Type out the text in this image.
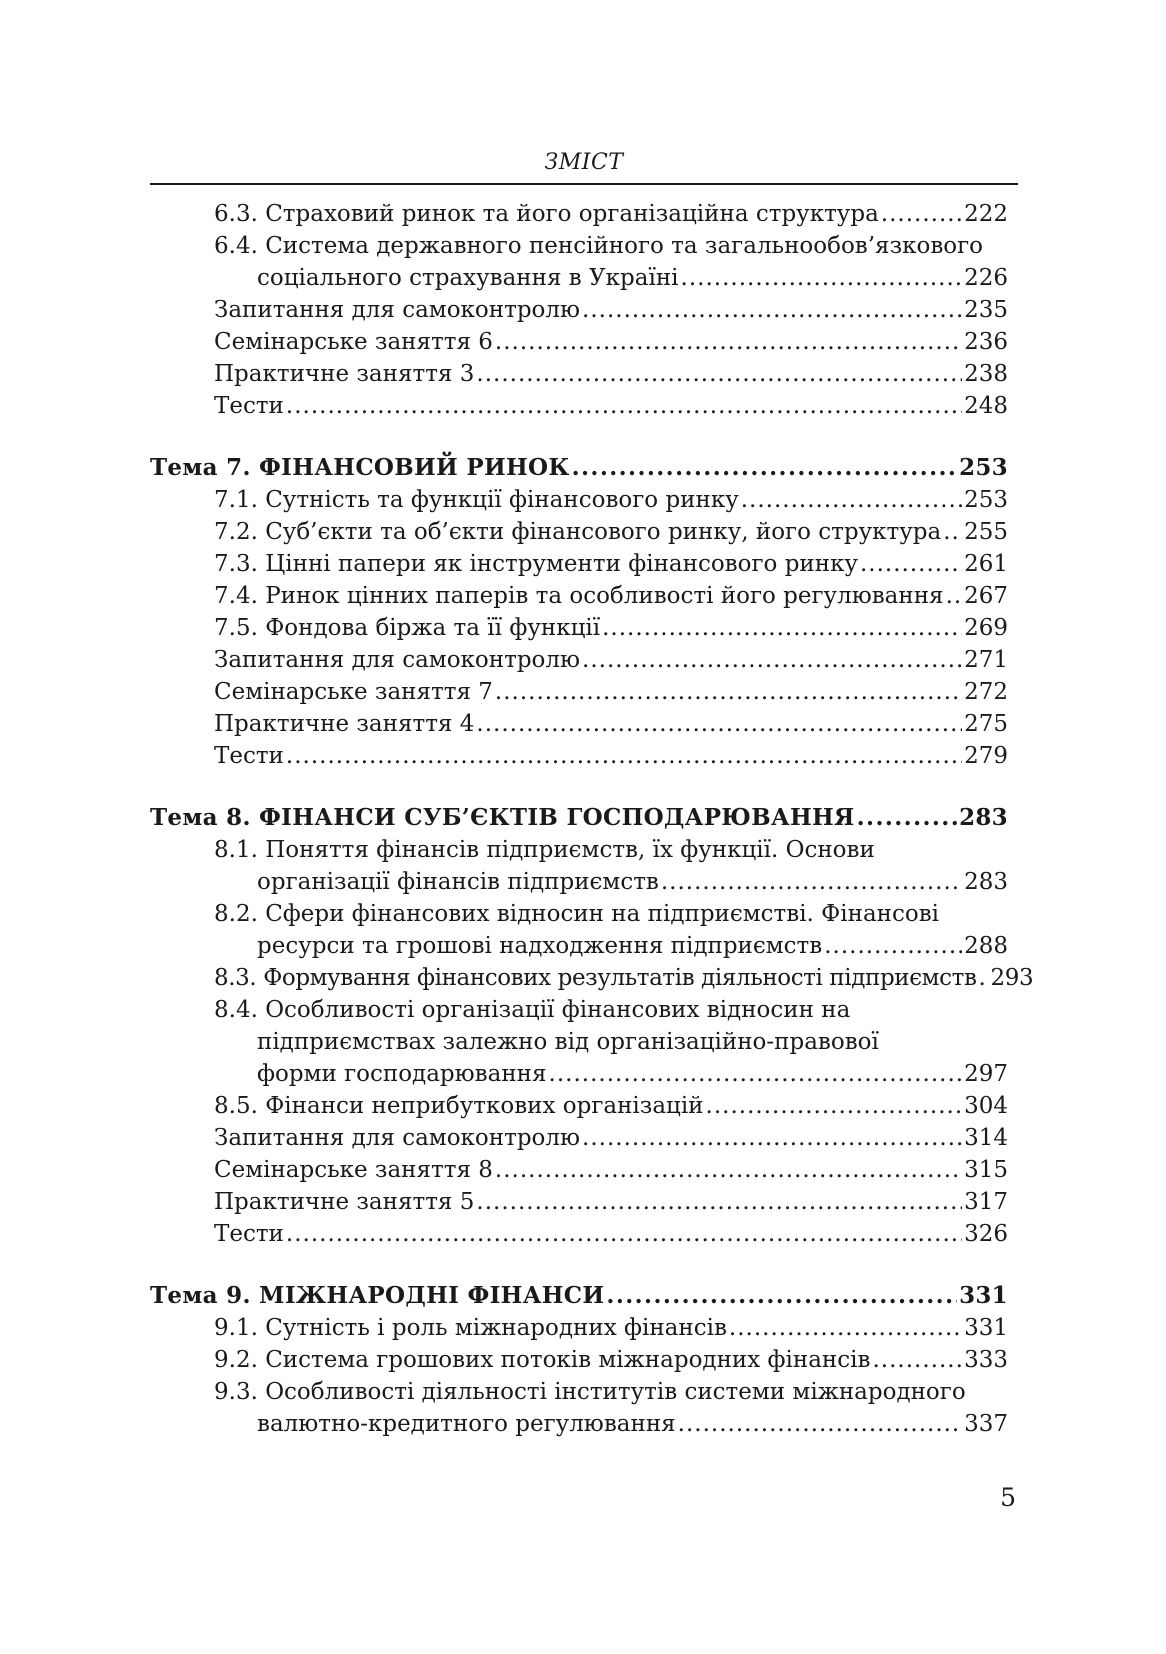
ЗМІСТ
6.3. Страховий ринок та його організаційна структура .....	222
6.4. Система державного пенсійного та загальнообов’язкового
соціального страхування в Україні .....	226
Запитання для самоконтролю .....	235
Семінарське заняття 6 .....	236
Практичне заняття 3 .....	238
Тести .....	248
Тема 7. ФІНАНСОВИЙ РИНОК .....	253
7.1. Сутність та функції фінансового ринку .....	253
7.2. Суб’єкти та об’єкти фінансового ринку, його структура ..... 255
7.3. Цінні папери як інструменти фінансового ринку .....	261
7.4. Ринок цінних паперів та особливості його регулювання ..... 267
7.5. Фондова біржа та її функції .....	269
Запитання для самоконтролю .....	271
Семінарське заняття 7 .....	272
Практичне заняття 4 .....	275
Тести .....	279
Тема 8. ФІНАНСИ СУБ’ЄКТІВ ГОСПОДАРЮВАННЯ .....	283
8.1. Поняття фінансів підприємств, їх функції. Основи
організації фінансів підприємств .....	283
8.2. Сфери фінансових відносин на підприємстві. Фінансові
ресурси та грошові надходження підприємств .....	288
8.3. Формування фінансових результатів діяльності підприємств ..... 293
8.4. Особливості організації фінансових відносин на
підприємствах залежно від організаційно-правової
форми господарювання .....	297
8.5. Фінанси неприбуткових організацій .....	304
Запитання для самоконтролю .....	314
Семінарське заняття 8 .....	315
Практичне заняття 5 .....	317
Тести .....	326
Тема 9. МІЖНАРОДНІ ФІНАНСИ .....	331
9.1. Сутність і роль міжнародних фінансів .....	331
9.2. Система грошових потоків міжнародних фінансів .....	333
9.3. Особливості діяльності інститутів системи міжнародного
валютно-кредитного регулювання .....	337
5
